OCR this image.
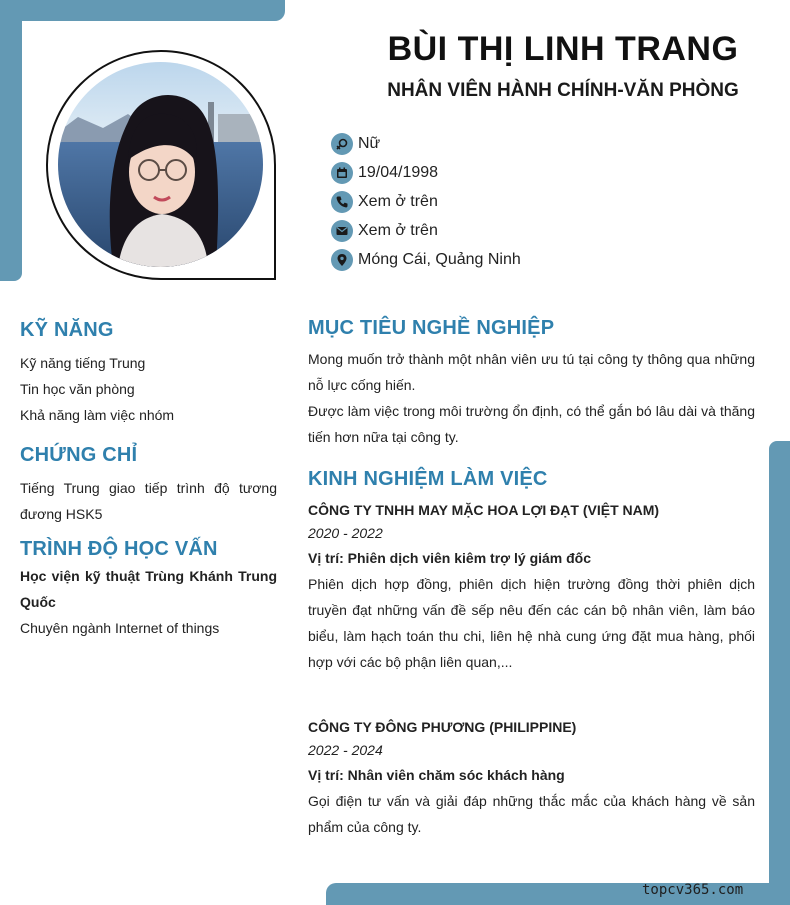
BÙI THỊ LINH TRANG
NHÂN VIÊN HÀNH CHÍNH-VĂN PHÒNG
Nữ
19/04/1998
Xem ở trên
Xem ở trên
Móng Cái, Quảng Ninh
KỸ NĂNG
Kỹ năng tiếng Trung
Tin học văn phòng
Khả năng làm việc nhóm
CHỨNG CHỈ
Tiếng Trung giao tiếp trình độ tương đương HSK5
TRÌNH ĐỘ HỌC VẤN
Học viện kỹ thuật Trùng Khánh Trung Quốc
Chuyên ngành Internet of things
MỤC TIÊU NGHỀ NGHIỆP
Mong muốn trở thành một nhân viên ưu tú tại công ty thông qua những nỗ lực cống hiến.
Được làm việc trong môi trường ổn định, có thể gắn bó lâu dài và thăng tiến hơn nữa tại công ty.
KINH NGHIỆM LÀM VIỆC
CÔNG TY TNHH MAY MẶC HOA LỢI ĐẠT (VIỆT NAM)
2020 - 2022
Vị trí: Phiên dịch viên kiêm trợ lý giám đốc
Phiên dịch hợp đồng, phiên dịch hiện trường đồng thời phiên dịch truyền đạt những vấn đề sếp nêu đến các cán bộ nhân viên, làm báo biểu, làm hạch toán thu chi, liên hệ nhà cung ứng đặt mua hàng, phối hợp với các bộ phận liên quan,...
CÔNG TY ĐÔNG PHƯƠNG (PHILIPPINE)
2022 - 2024
Vị trí: Nhân viên chăm sóc khách hàng
Gọi điện tư vấn và giải đáp những thắc mắc của khách hàng về sản phẩm của công ty.
topcv365.com
